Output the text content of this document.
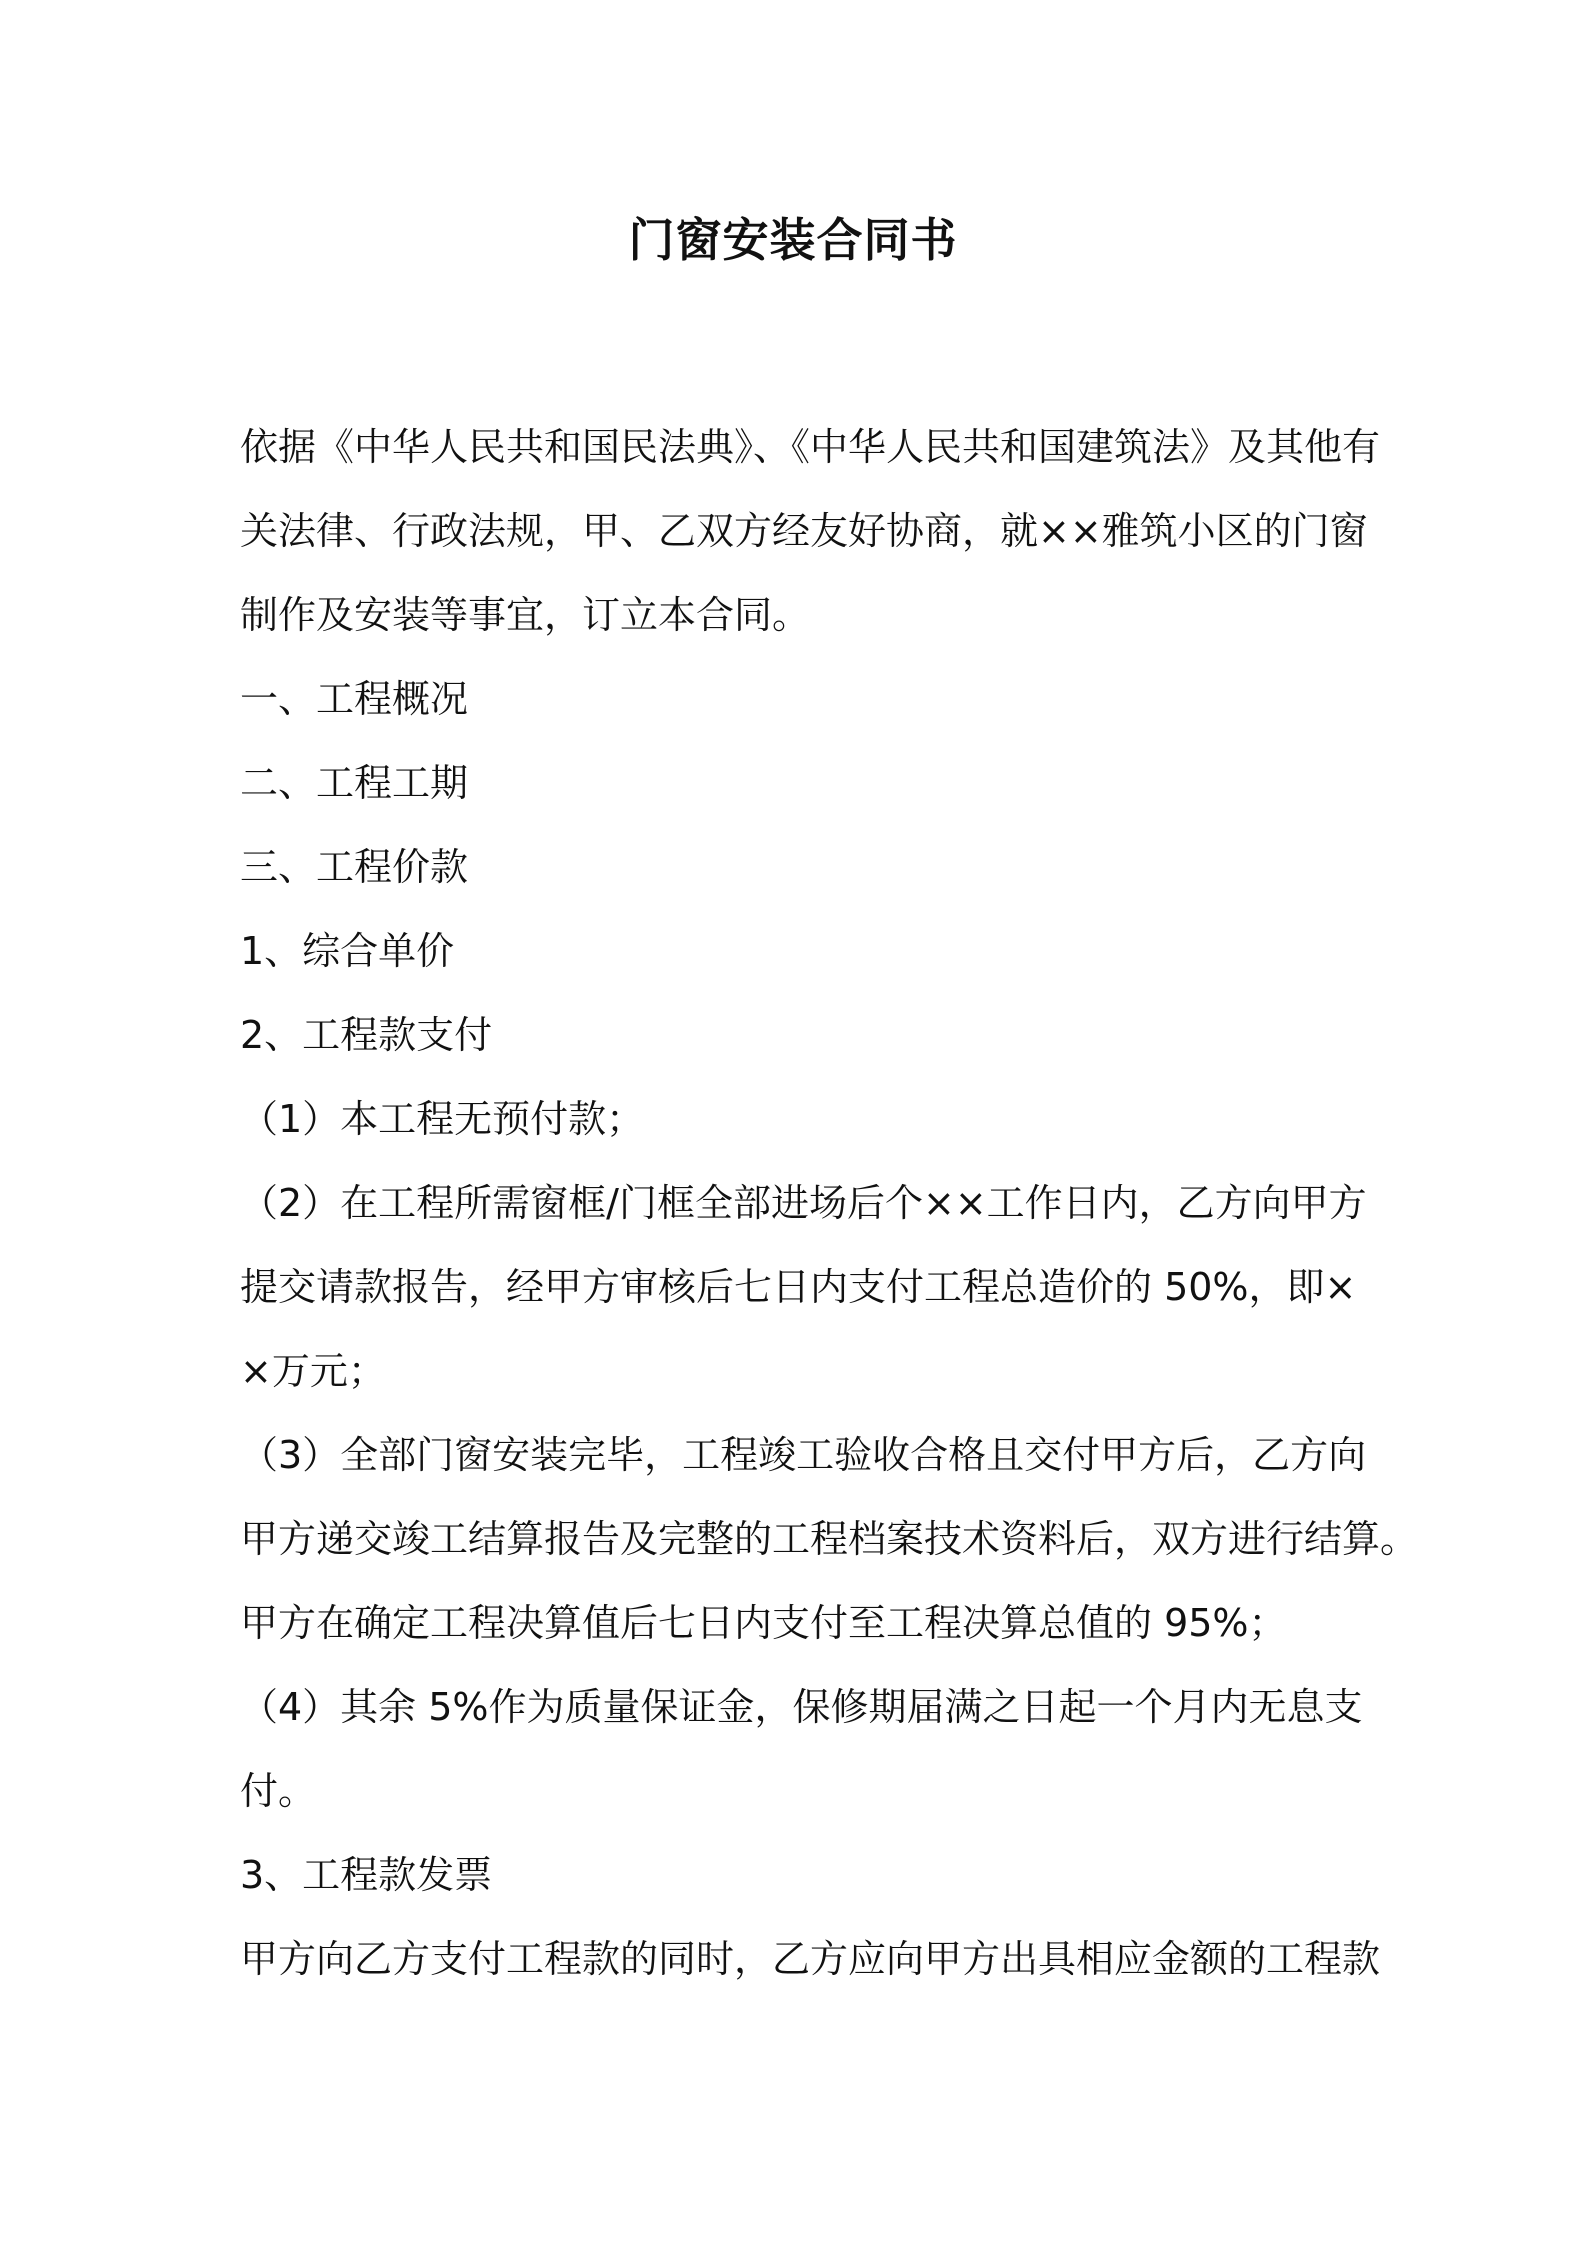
门窗安装合同书
依据《中华人民共和国民法典》、《中华人民共和国建筑法》及其他有
关法律、行政法规，甲、乙双方经友好协商，就××雅筑小区的门窗
制作及安装等事宜，订立本合同。
一、工程概况
二、工程工期
三、工程价款
1、综合单价
2、工程款支付
（1）本工程无预付款；
（2）在工程所需窗框/门框全部进场后个××工作日内，乙方向甲方
提交请款报告，经甲方审核后七日内支付工程总造价的 50%，即×
×万元；
（3）全部门窗安装完毕，工程竣工验收合格且交付甲方后，乙方向
甲方递交竣工结算报告及完整的工程档案技术资料后，双方进行结算。
甲方在确定工程决算值后七日内支付至工程决算总值的 95%；
（4）其余 5%作为质量保证金，保修期届满之日起一个月内无息支
付。
3、工程款发票
甲方向乙方支付工程款的同时，乙方应向甲方出具相应金额的工程款
